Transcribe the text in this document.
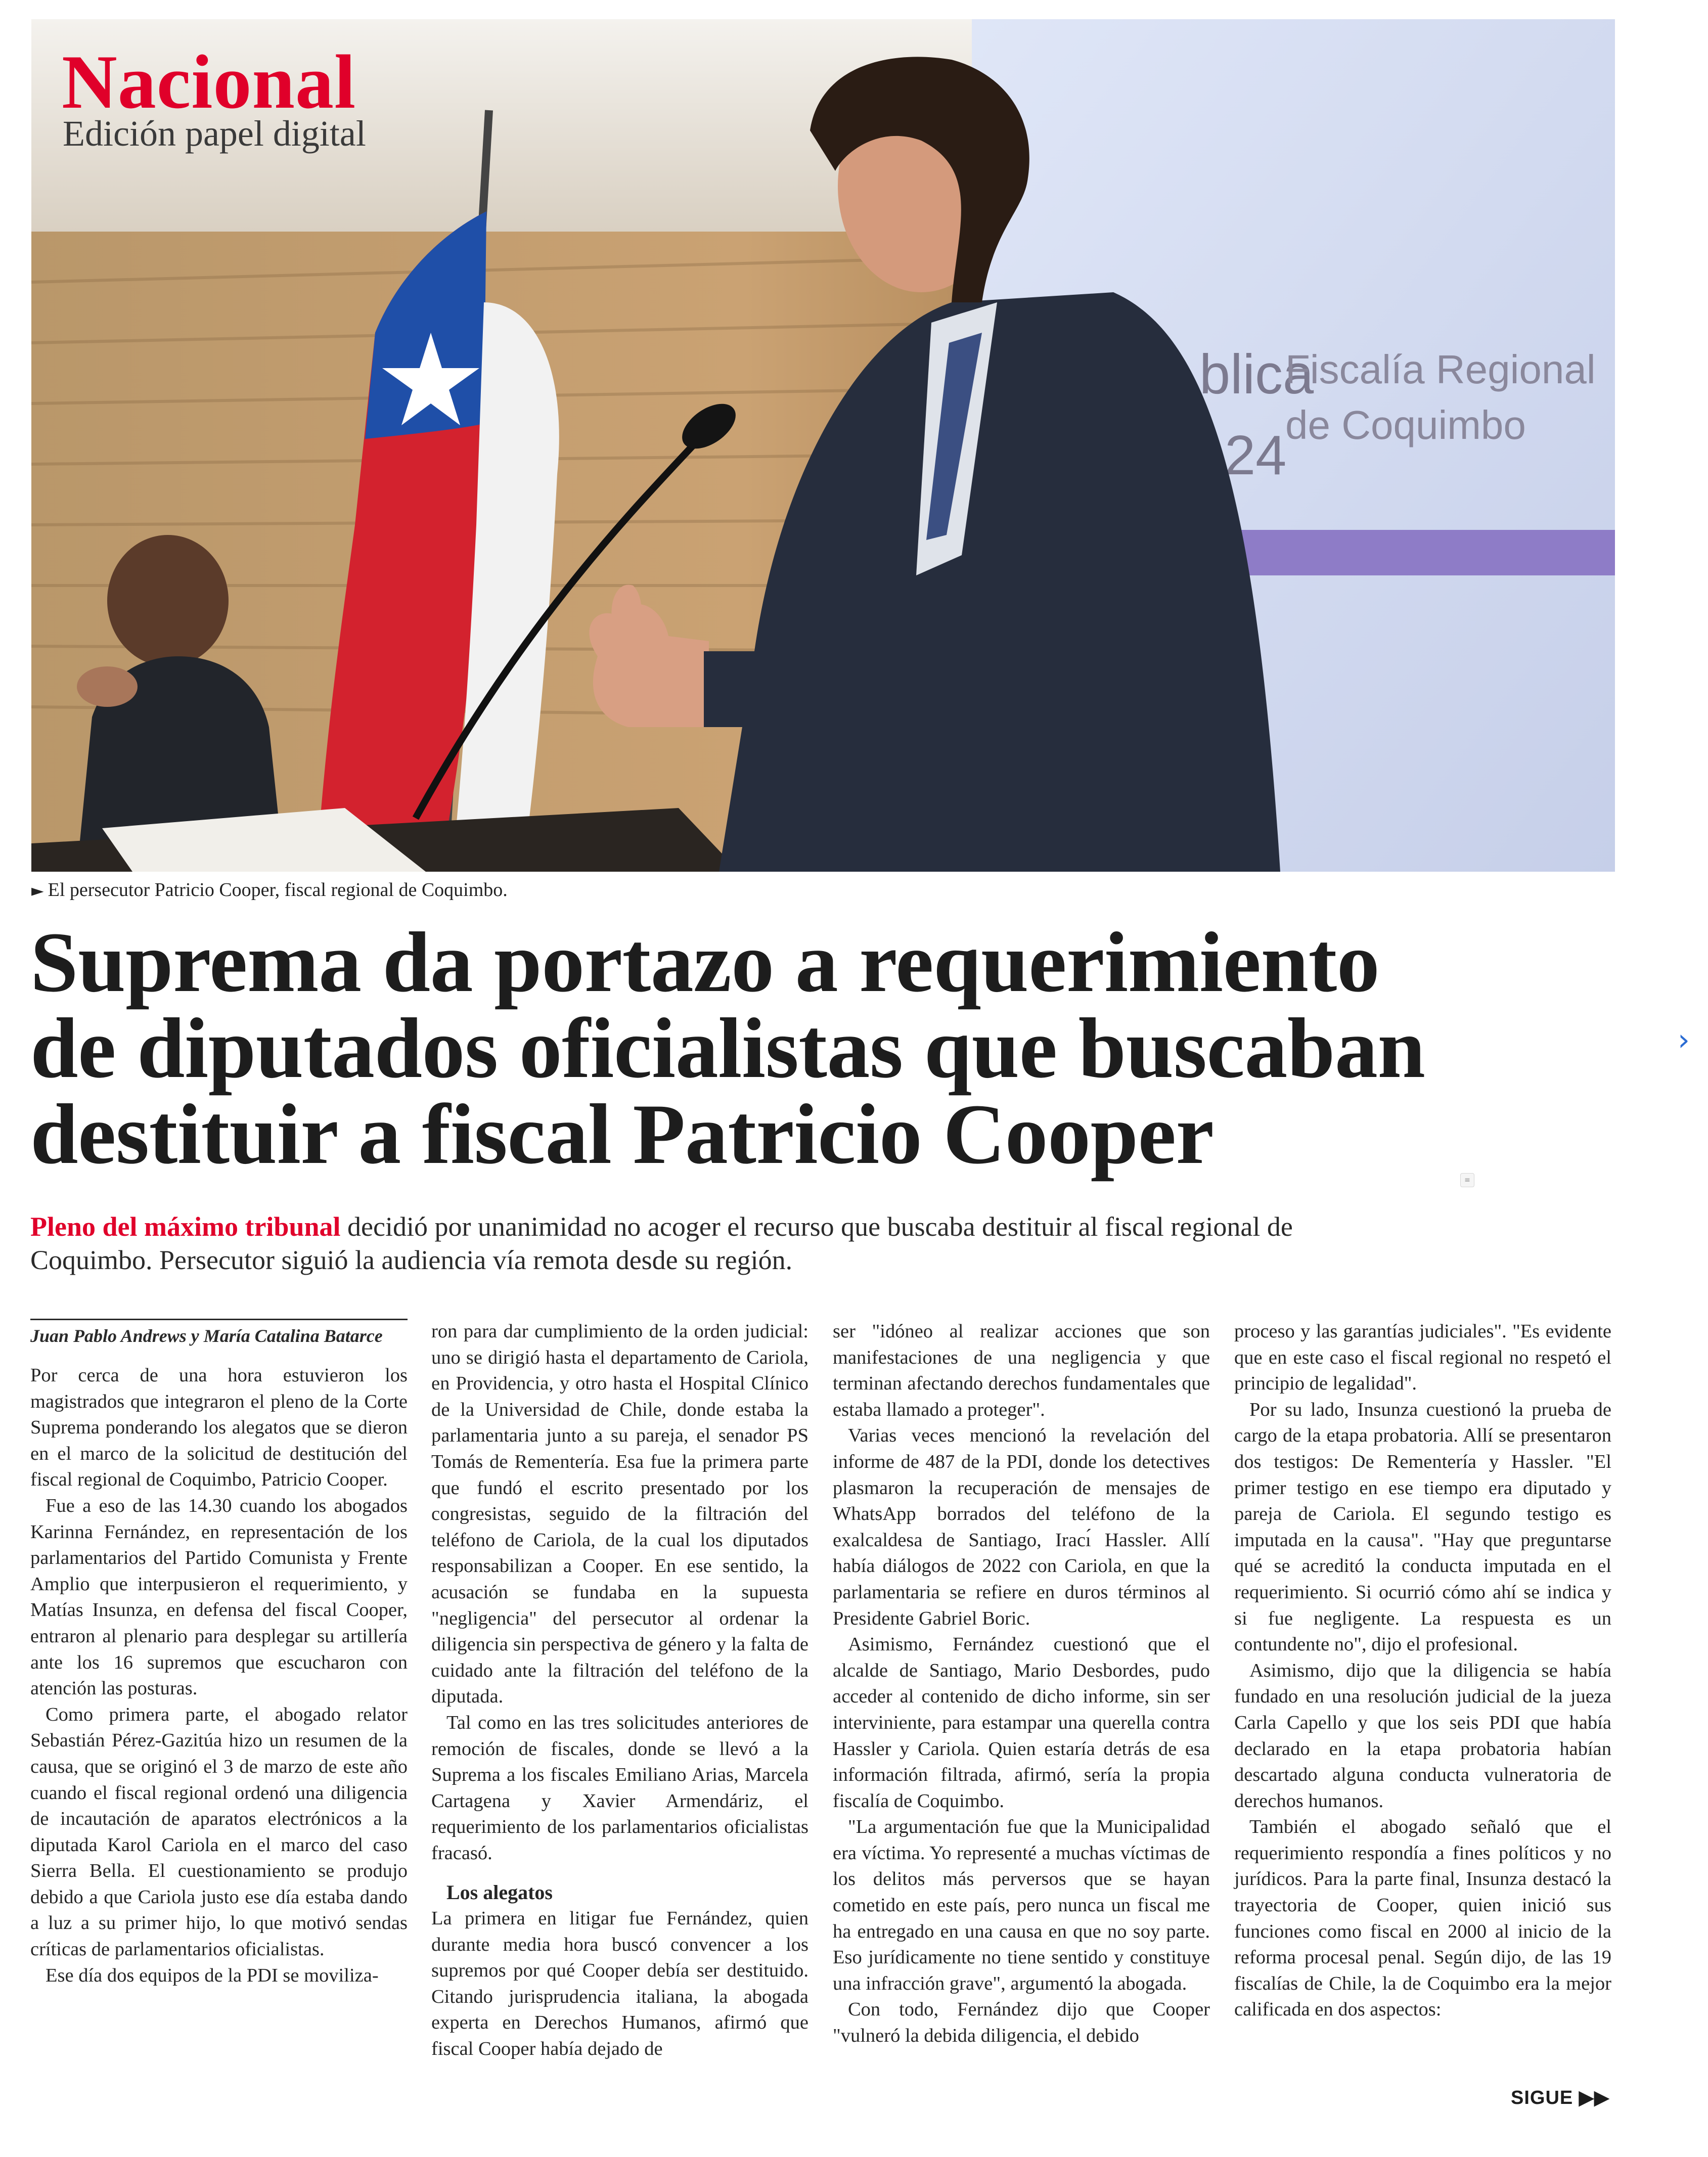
blica
24
Fiscalía Regional
de Coquimbo
Nacional
Edición papel digital
► El persecutor Patricio Cooper, fiscal regional de Coquimbo.
›
Suprema da portazo a requerimiento
de diputados oficialistas que buscaban
destituir a fiscal Patricio Cooper	≡
Pleno del máximo tribunal decidió por unanimidad no acoger el recurso que buscaba destituir al fiscal regional de Coquimbo. Persecutor siguió la audiencia vía remota desde su región.
Juan Pablo Andrews y María Catalina Batarce

Por cerca de una hora estuvieron los magistrados que integraron el pleno de la Corte Suprema ponderando los alegatos que se dieron en el marco de la solicitud de destitución del fiscal regional de Coquimbo, Patricio Cooper.

Fue a eso de las 14.30 cuando los abogados Karinna Fernández, en representación de los parlamentarios del Partido Comunista y Frente Amplio que interpusieron el requerimiento, y Matías Insunza, en defensa del fiscal Cooper, entraron al plenario para desplegar su artillería ante los 16 supremos que escucharon con atención las posturas.

Como primera parte, el abogado relator Sebastián Pérez-Gazitúa hizo un resumen de la causa, que se originó el 3 de marzo de este año cuando el fiscal regional ordenó una diligencia de incautación de aparatos electrónicos a la diputada Karol Cariola en el marco del caso Sierra Bella. El cuestionamiento se produjo debido a que Cariola justo ese día estaba dando a luz a su primer hijo, lo que motivó sendas críticas de parlamentarios oficialistas.

Ese día dos equipos de la PDI se moviliza-

ron para dar cumplimiento de la orden judicial: uno se dirigió hasta el departamento de Cariola, en Providencia, y otro hasta el Hospital Clínico de la Universidad de Chile, donde estaba la parlamentaria junto a su pareja, el senador PS Tomás de Rementería. Esa fue la primera parte que fundó el escrito presentado por los congresistas, seguido de la filtración del teléfono de Cariola, de la cual los diputados responsabilizan a Cooper. En ese sentido, la acusación se fundaba en la supuesta "negligencia" del persecutor al ordenar la diligencia sin perspectiva de género y la falta de cuidado ante la filtración del teléfono de la diputada.

Tal como en las tres solicitudes anteriores de remoción de fiscales, donde se llevó a la Suprema a los fiscales Emiliano Arias, Marcela Cartagena y Xavier Armendáriz, el requerimiento de los parlamentarios oficialistas fracasó.

Los alegatos

La primera en litigar fue Fernández, quien durante media hora buscó convencer a los supremos por qué Cooper debía ser destituido. Citando jurisprudencia italiana, la abogada experta en Derechos Humanos, afirmó que fiscal Cooper había dejado de

ser "idóneo al realizar acciones que son manifestaciones de una negligencia y que terminan afectando derechos fundamentales que estaba llamado a proteger".

Varias veces mencionó la revelación del informe de 487 de la PDI, donde los detectives plasmaron la recuperación de mensajes de WhatsApp borrados del teléfono de la exalcaldesa de Santiago, Iracı́ Hassler. Allí había diálogos de 2022 con Cariola, en que la parlamentaria se refiere en duros términos al Presidente Gabriel Boric.

Asimismo, Fernández cuestionó que el alcalde de Santiago, Mario Desbordes, pudo acceder al contenido de dicho informe, sin ser interviniente, para estampar una querella contra Hassler y Cariola. Quien estaría detrás de esa información filtrada, afirmó, sería la propia fiscalía de Coquimbo.

"La argumentación fue que la Municipalidad era víctima. Yo representé a muchas víctimas de los delitos más perversos que se hayan cometido en este país, pero nunca un fiscal me ha entregado en una causa en que no soy parte. Eso jurídicamente no tiene sentido y constituye una infracción grave", argumentó la abogada.

Con todo, Fernández dijo que Cooper "vulneró la debida diligencia, el debido

proceso y las garantías judiciales". "Es evidente que en este caso el fiscal regional no respetó el principio de legalidad".

Por su lado, Insunza cuestionó la prueba de cargo de la etapa probatoria. Allí se presentaron dos testigos: De Rementería y Hassler. "El primer testigo en ese tiempo era diputado y pareja de Cariola. El segundo testigo es imputada en la causa". "Hay que preguntarse qué se acreditó la conducta imputada en el requerimiento. Si ocurrió cómo ahí se indica y si fue negligente. La respuesta es un contundente no", dijo el profesional.

Asimismo, dijo que la diligencia se había fundado en una resolución judicial de la jueza Carla Capello y que los seis PDI que había declarado en la etapa probatoria habían descartado alguna conducta vulneratoria de derechos humanos.

También el abogado señaló que el requerimiento respondía a fines políticos y no jurídicos. Para la parte final, Insunza destacó la trayectoria de Cooper, quien inició sus funciones como fiscal en 2000 al inicio de la reforma procesal penal. Según dijo, de las 19 fiscalías de Chile, la de Coquimbo era la mejor calificada en dos aspectos:

SIGUE ▶▶
